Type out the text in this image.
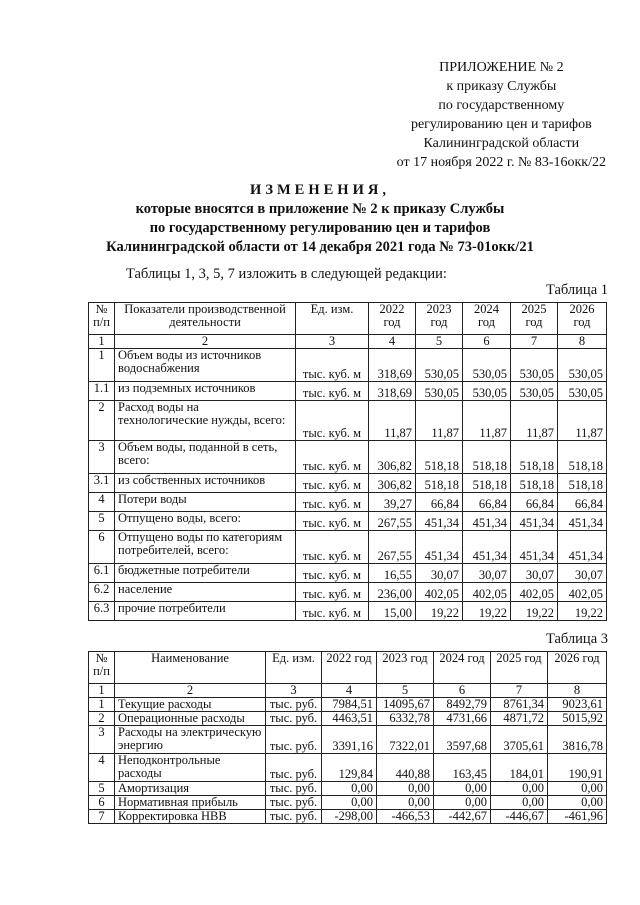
ПРИЛОЖЕНИЕ № 2
к приказу Службы
по государственному
регулированию цен и тарифов
Калининградской области
от 17 ноября 2022 г. № 83-16окк/22
ИЗМЕНЕНИЯ,
которые вносятся в приложение № 2 к приказу Службы
по государственному регулированию цен и тарифов
Калининградской области от 14 декабря 2021 года № 73-01окк/21
Таблицы 1, 3, 5, 7 изложить в следующей редакции:
Таблица 1
№ п/п	Показатели производственной деятельности	Ед. изм.	2022 год	2023 год	2024 год	2025 год	2026 год
1	2	3	4	5	6	7	8
1	Объем воды из источников водоснабжения	тыс. куб. м	318,69	530,05	530,05	530,05	530,05
1.1	из подземных источников	тыс. куб. м	318,69	530,05	530,05	530,05	530,05
2	Расход воды на технологические нужды, всего:	тыс. куб. м	11,87	11,87	11,87	11,87	11,87
3	Объем воды, поданной в сеть, всего:	тыс. куб. м	306,82	518,18	518,18	518,18	518,18
3.1	из собственных источников	тыс. куб. м	306,82	518,18	518,18	518,18	518,18
4	Потери воды	тыс. куб. м	39,27	66,84	66,84	66,84	66,84
5	Отпущено воды, всего:	тыс. куб. м	267,55	451,34	451,34	451,34	451,34
6	Отпущено воды по категориям потребителей, всего:	тыс. куб. м	267,55	451,34	451,34	451,34	451,34
6.1	бюджетные потребители	тыс. куб. м	16,55	30,07	30,07	30,07	30,07
6.2	население	тыс. куб. м	236,00	402,05	402,05	402,05	402,05
6.3	прочие потребители	тыс. куб. м	15,00	19,22	19,22	19,22	19,22
Таблица 3
№ п/п	Наименование	Ед. изм.	2022 год	2023 год	2024 год	2025 год	2026 год
1	2	3	4	5	6	7	8
1	Текущие расходы	тыс. руб.	7984,51	14095,67	8492,79	8761,34	9023,61
2	Операционные расходы	тыс. руб.	4463,51	6332,78	4731,66	4871,72	5015,92
3	Расходы на электрическую энергию	тыс. руб.	3391,16	7322,01	3597,68	3705,61	3816,78
4	Неподконтрольные расходы	тыс. руб.	129,84	440,88	163,45	184,01	190,91
5	Амортизация	тыс. руб.	0,00	0,00	0,00	0,00	0,00
6	Нормативная прибыль	тыс. руб.	0,00	0,00	0,00	0,00	0,00
7	Корректировка НВВ	тыс. руб.	-298,00	-466,53	-442,67	-446,67	-461,96
